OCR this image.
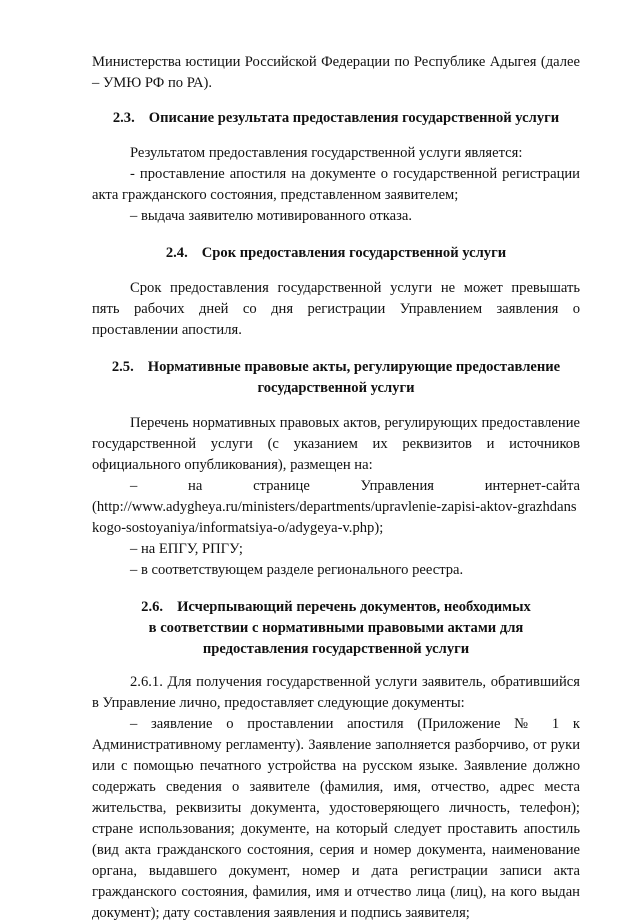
Министерства юстиции Российской Федерации по Республике Адыгея (далее – УМЮ РФ по РА).

2.3. Описание результата предоставления государственной услуги

Результатом предоставления государственной услуги является:

- проставление апостиля на документе о государственной регистрации акта гражданского состояния, представленном заявителем;

– выдача заявителю мотивированного отказа.

2.4. Срок предоставления государственной услуги

Срок предоставления государственной услуги не может превышать пять рабочих дней со дня регистрации Управлением заявления о проставлении апостиля.

2.5. Нормативные правовые акты, регулирующие предоставление
государственной услуги

Перечень нормативных правовых актов, регулирующих предоставление государственной услуги (с указанием их реквизитов и источников официального опубликования), размещен на:

– на странице Управления интернет-сайта

(http://www.adygheya.ru/ministers/departments/upravlenie-zapisi-aktov-grazhdanskogo-sostoyaniya/informatsiya-o/adygeya-v.php);

– на ЕПГУ, РПГУ;

– в соответствующем разделе регионального реестра.

2.6. Исчерпывающий перечень документов, необходимых
в соответствии с нормативными правовыми актами для
предоставления государственной услуги

2.6.1. Для получения государственной услуги заявитель, обратившийся в Управление лично, предоставляет следующие документы:

– заявление о проставлении апостиля (Приложение № 1 к Административному регламенту). Заявление заполняется разборчиво, от руки или с помощью печатного устройства на русском языке. Заявление должно содержать сведения о заявителе (фамилия, имя, отчество, адрес места жительства, реквизиты документа, удостоверяющего личность, телефон); стране использования; документе, на который следует проставить апостиль (вид акта гражданского состояния, серия и номер документа, наименование органа, выдавшего документ, номер и дата регистрации записи акта гражданского состояния, фамилия, имя и отчество лица (лиц), на кого выдан документ); дату составления заявления и подпись заявителя;
